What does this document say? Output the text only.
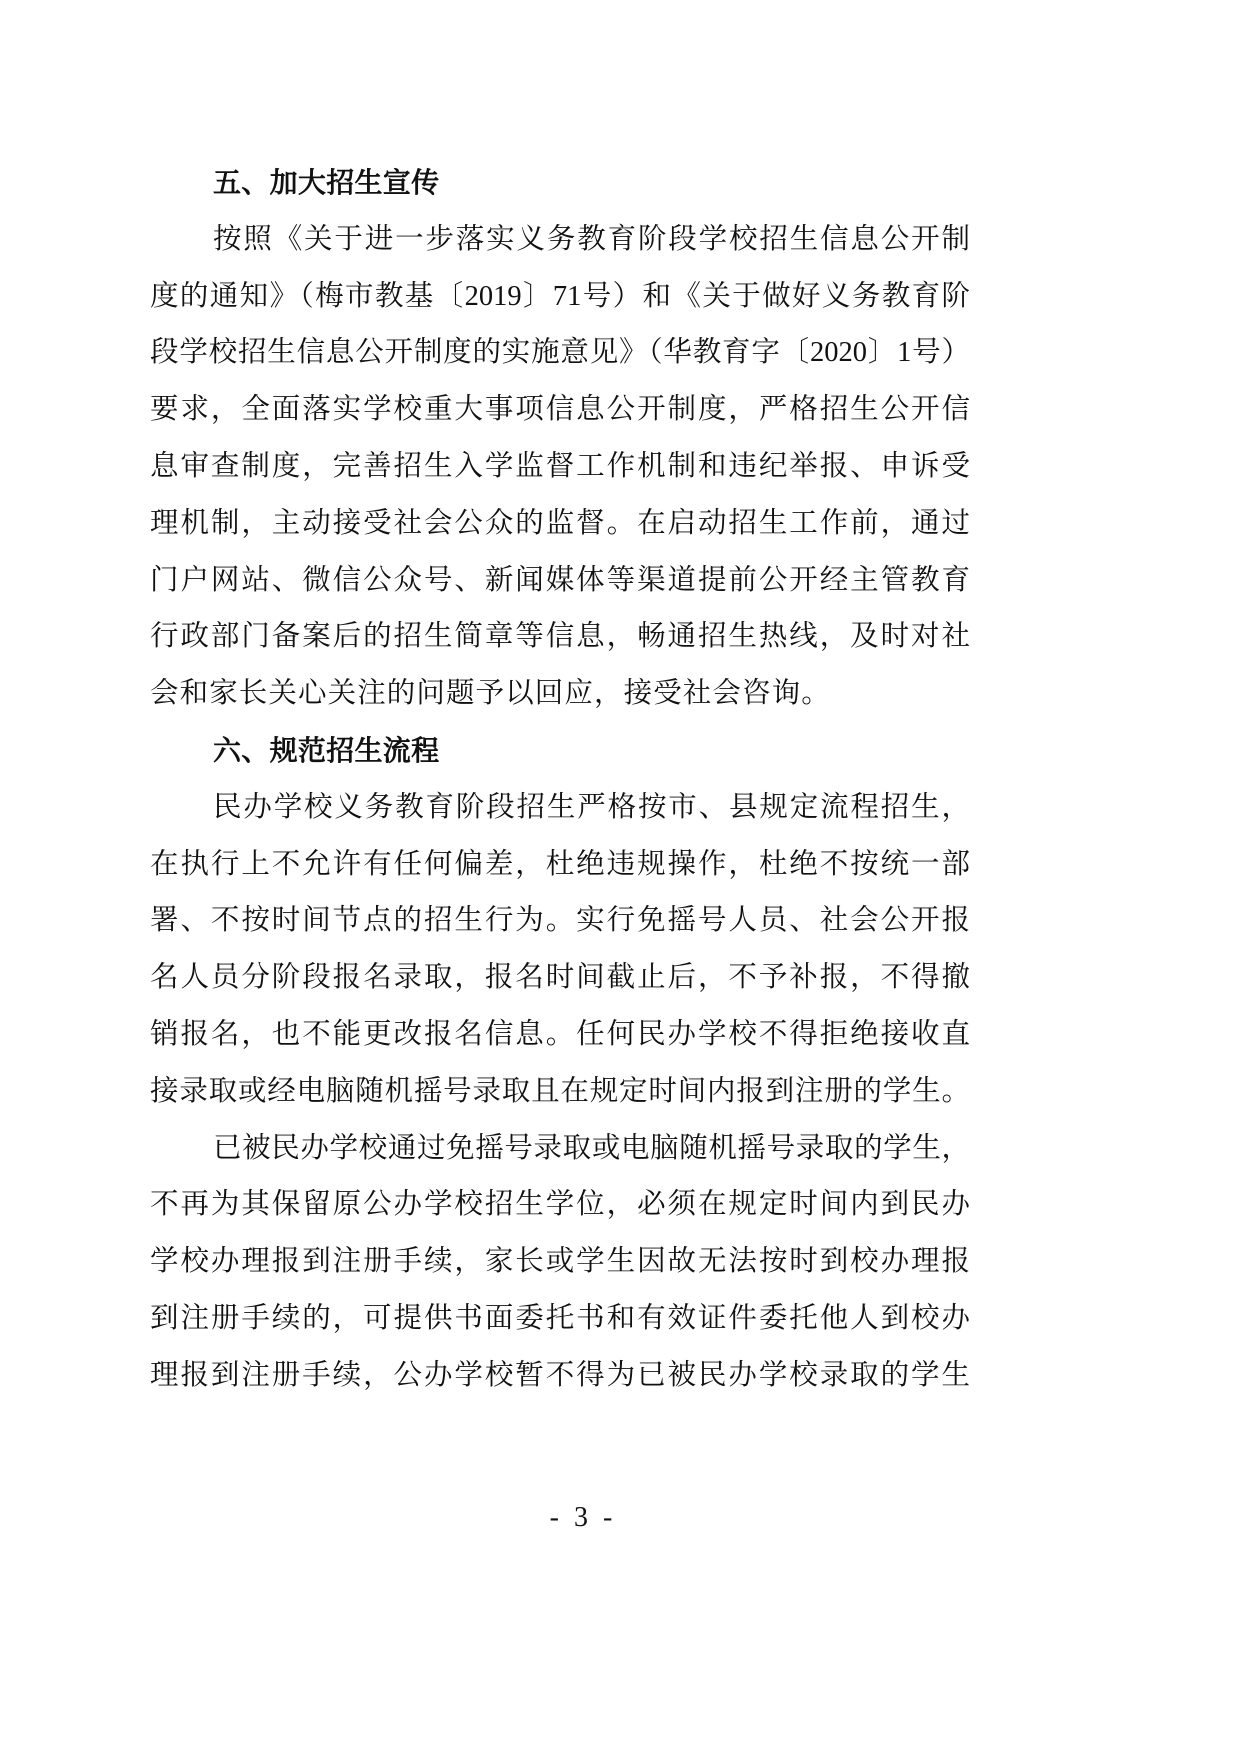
五、加大招生宣传
按照《关于进一步落实义务教育阶段学校招生信息公开制
度的通知》（梅市教基〔2019〕71号）和《关于做好义务教育阶
段学校招生信息公开制度的实施意见》（华教育字〔2020〕1号）
要求，全面落实学校重大事项信息公开制度，严格招生公开信
息审查制度，完善招生入学监督工作机制和违纪举报、申诉受
理机制，主动接受社会公众的监督。在启动招生工作前，通过
门户网站、微信公众号、新闻媒体等渠道提前公开经主管教育
行政部门备案后的招生简章等信息，畅通招生热线，及时对社
会和家长关心关注的问题予以回应，接受社会咨询。
六、规范招生流程
民办学校义务教育阶段招生严格按市、县规定流程招生，
在执行上不允许有任何偏差，杜绝违规操作，杜绝不按统一部
署、不按时间节点的招生行为。实行免摇号人员、社会公开报
名人员分阶段报名录取，报名时间截止后，不予补报，不得撤
销报名，也不能更改报名信息。任何民办学校不得拒绝接收直
接录取或经电脑随机摇号录取且在规定时间内报到注册的学生。
已被民办学校通过免摇号录取或电脑随机摇号录取的学生，
不再为其保留原公办学校招生学位，必须在规定时间内到民办
学校办理报到注册手续，家长或学生因故无法按时到校办理报
到注册手续的，可提供书面委托书和有效证件委托他人到校办
理报到注册手续，公办学校暂不得为已被民办学校录取的学生
- 3 -
